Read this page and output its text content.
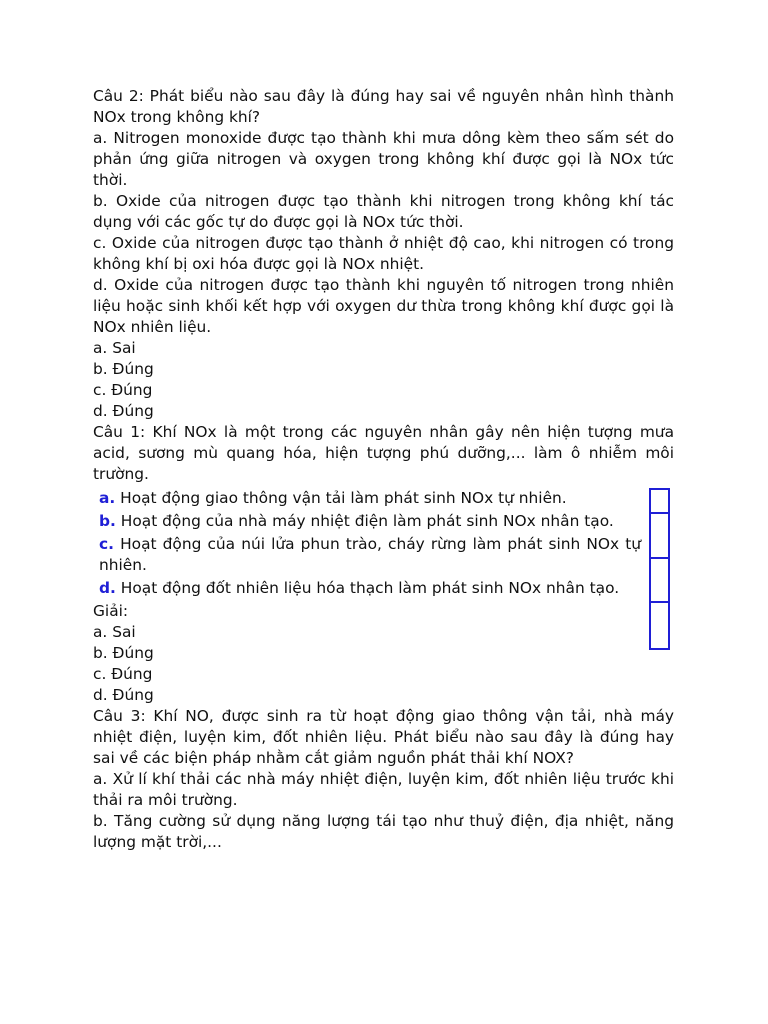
Câu 2: Phát biểu nào sau đây là đúng hay sai về nguyên nhân hình thành NOx trong không khí?

a. Nitrogen monoxide được tạo thành khi mưa dông kèm theo sấm sét do phản ứng giữa nitrogen và oxygen trong không khí được gọi là NOx tức thời.

b. Oxide của nitrogen được tạo thành khi nitrogen trong không khí tác dụng với các gốc tự do được gọi là NOx tức thời.

c. Oxide của nitrogen được tạo thành ở nhiệt độ cao, khi nitrogen có trong không khí bị oxi hóa được gọi là NOx nhiệt.

d. Oxide của nitrogen được tạo thành khi nguyên tố nitrogen trong nhiên liệu hoặc sinh khối kết hợp với oxygen dư thừa trong không khí được gọi là NOx nhiên liệu.

a. Sai

b. Đúng

c. Đúng

d. Đúng

Câu 1: Khí NOx là một trong các nguyên nhân gây nên hiện tượng mưa acid, sương mù quang hóa, hiện tượng phú dưỡng,... làm ô nhiễm môi trường.

a. Hoạt động giao thông vận tải làm phát sinh NOx tự nhiên.

b. Hoạt động của nhà máy nhiệt điện làm phát sinh NOx nhân tạo.

c. Hoạt động của núi lửa phun trào, cháy rừng làm phát sinh NOx tự nhiên.

d. Hoạt động đốt nhiên liệu hóa thạch làm phát sinh NOx nhân tạo.

Giải:

a. Sai

b. Đúng

c. Đúng

d. Đúng

Câu 3: Khí NO, được sinh ra từ hoạt động giao thông vận tải, nhà máy nhiệt điện, luyện kim, đốt nhiên liệu. Phát biểu nào sau đây là đúng hay sai về các biện pháp nhằm cắt giảm nguồn phát thải khí NOX?

a. Xử lí khí thải các nhà máy nhiệt điện, luyện kim, đốt nhiên liệu trước khi thải ra môi trường.

b. Tăng cường sử dụng năng lượng tái tạo như thuỷ điện, địa nhiệt, năng lượng mặt trời,...
